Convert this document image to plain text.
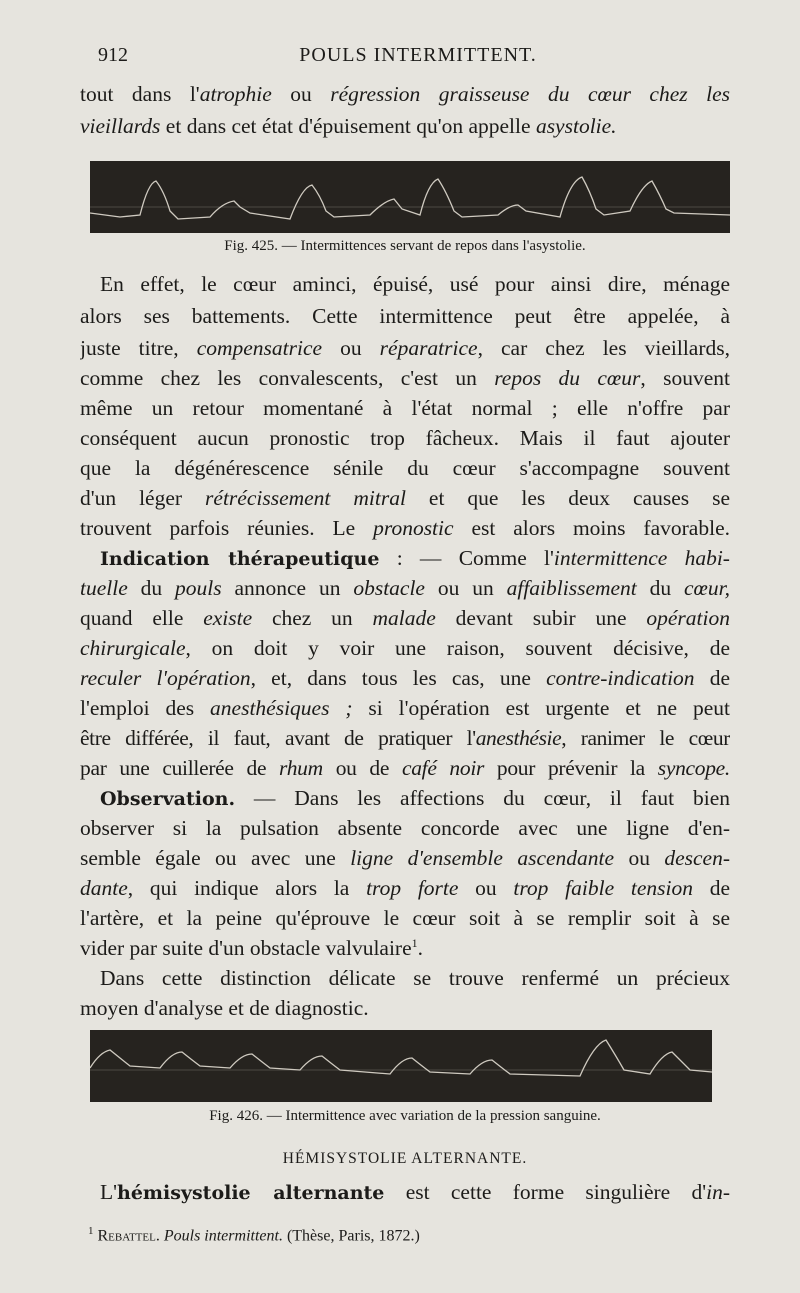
912	POULS INTERMITTENT.
tout dans l'atrophie ou régression graisseuse du cœur chez les
vieillards et dans cet état d'épuisement qu'on appelle asystolie.
Fig. 425. — Intermittences servant de repos dans l'asystolie.
En effet, le cœur aminci, épuisé, usé pour ainsi dire, ménage
alors ses battements. Cette intermittence peut être appelée, à
juste titre, compensatrice ou réparatrice, car chez les vieillards,
comme chez les convalescents, c'est un repos du cœur, souvent
même un retour momentané à l'état normal ; elle n'offre par
conséquent aucun pronostic trop fâcheux. Mais il faut ajouter
que la dégénérescence sénile du cœur s'accompagne souvent
d'un léger rétrécissement mitral et que les deux causes se
trouvent parfois réunies. Le pronostic est alors moins favorable.
Indication thérapeutique : — Comme l'intermittence habi-
tuelle du pouls annonce un obstacle ou un affaiblissement du cœur,
quand elle existe chez un malade devant subir une opération
chirurgicale, on doit y voir une raison, souvent décisive, de
reculer l'opération, et, dans tous les cas, une contre-indication de
l'emploi des anesthésiques ; si l'opération est urgente et ne peut
être différée, il faut, avant de pratiquer l'anesthésie, ranimer le cœur
par une cuillerée de rhum ou de café noir pour prévenir la syncope.
Observation. — Dans les affections du cœur, il faut bien
observer si la pulsation absente concorde avec une ligne d'en-
semble égale ou avec une ligne d'ensemble ascendante ou descen-
dante, qui indique alors la trop forte ou trop faible tension de
l'artère, et la peine qu'éprouve le cœur soit à se remplir soit à se
vider par suite d'un obstacle valvulaire$^1$.
Dans cette distinction délicate se trouve renfermé un précieux
moyen d'analyse et de diagnostic.
Fig. 426. — Intermittence avec variation de la pression sanguine.
HÉMISYSTOLIE ALTERNANTE.
L'hémisystolie alternante est cette forme singulière d'in-
$^1$ Rebattel. Pouls intermittent. (Thèse, Paris, 1872.)
